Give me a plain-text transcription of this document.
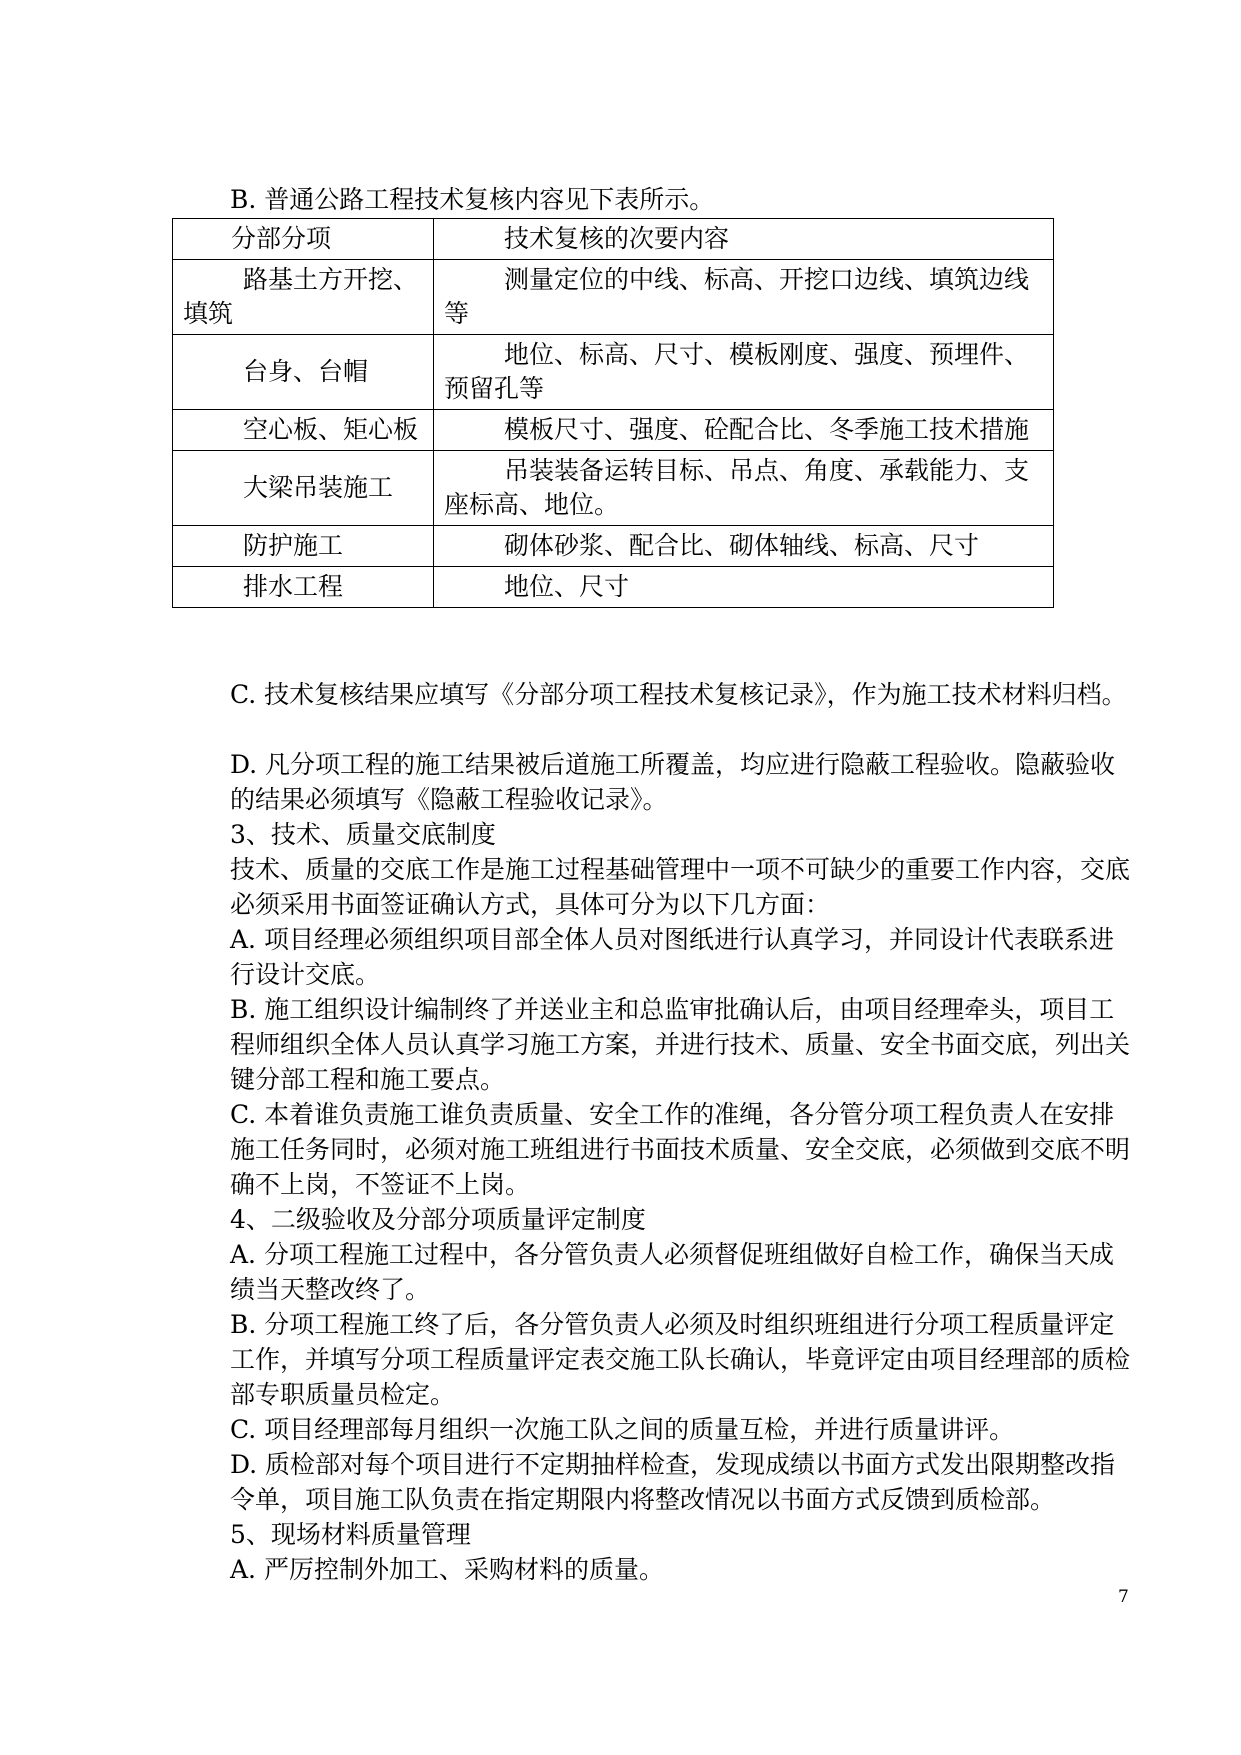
B. 普通公路工程技术复核内容见下表所示。
分部分项	技术复核的次要内容

路基土方开挖、填筑	测量定位的中线、标高、开挖口边线、填筑边线等

台身、台帽	地位、标高、尺寸、模板刚度、强度、预埋件、预留孔等

空心板、矩心板	模板尺寸、强度、砼配合比、冬季施工技术措施

大梁吊装施工	吊装装备运转目标、吊点、角度、承载能力、支座标高、地位。

防护施工	砌体砂浆、配合比、砌体轴线、标高、尺寸

排水工程	地位、尺寸
C. 技术复核结果应填写《分部分项工程技术复核记录》，作为施工技术材料归档。
D. 凡分项工程的施工结果被后道施工所覆盖，均应进行隐蔽工程验收。隐蔽验收的结果必须填写《隐蔽工程验收记录》。
3、技术、质量交底制度
技术、质量的交底工作是施工过程基础管理中一项不可缺少的重要工作内容，交底必须采用书面签证确认方式，具体可分为以下几方面：
A. 项目经理必须组织项目部全体人员对图纸进行认真学习，并同设计代表联系进行设计交底。
B. 施工组织设计编制终了并送业主和总监审批确认后，由项目经理牵头，项目工程师组织全体人员认真学习施工方案，并进行技术、质量、安全书面交底，列出关键分部工程和施工要点。
C. 本着谁负责施工谁负责质量、安全工作的准绳，各分管分项工程负责人在安排施工任务同时，必须对施工班组进行书面技术质量、安全交底，必须做到交底不明确不上岗，不签证不上岗。
4、二级验收及分部分项质量评定制度
A. 分项工程施工过程中，各分管负责人必须督促班组做好自检工作，确保当天成绩当天整改终了。
B. 分项工程施工终了后，各分管负责人必须及时组织班组进行分项工程质量评定工作，并填写分项工程质量评定表交施工队长确认，毕竟评定由项目经理部的质检部专职质量员检定。
C. 项目经理部每月组织一次施工队之间的质量互检，并进行质量讲评。
D. 质检部对每个项目进行不定期抽样检查，发现成绩以书面方式发出限期整改指令单，项目施工队负责在指定期限内将整改情况以书面方式反馈到质检部。
5、现场材料质量管理
A. 严厉控制外加工、采购材料的质量。
7
